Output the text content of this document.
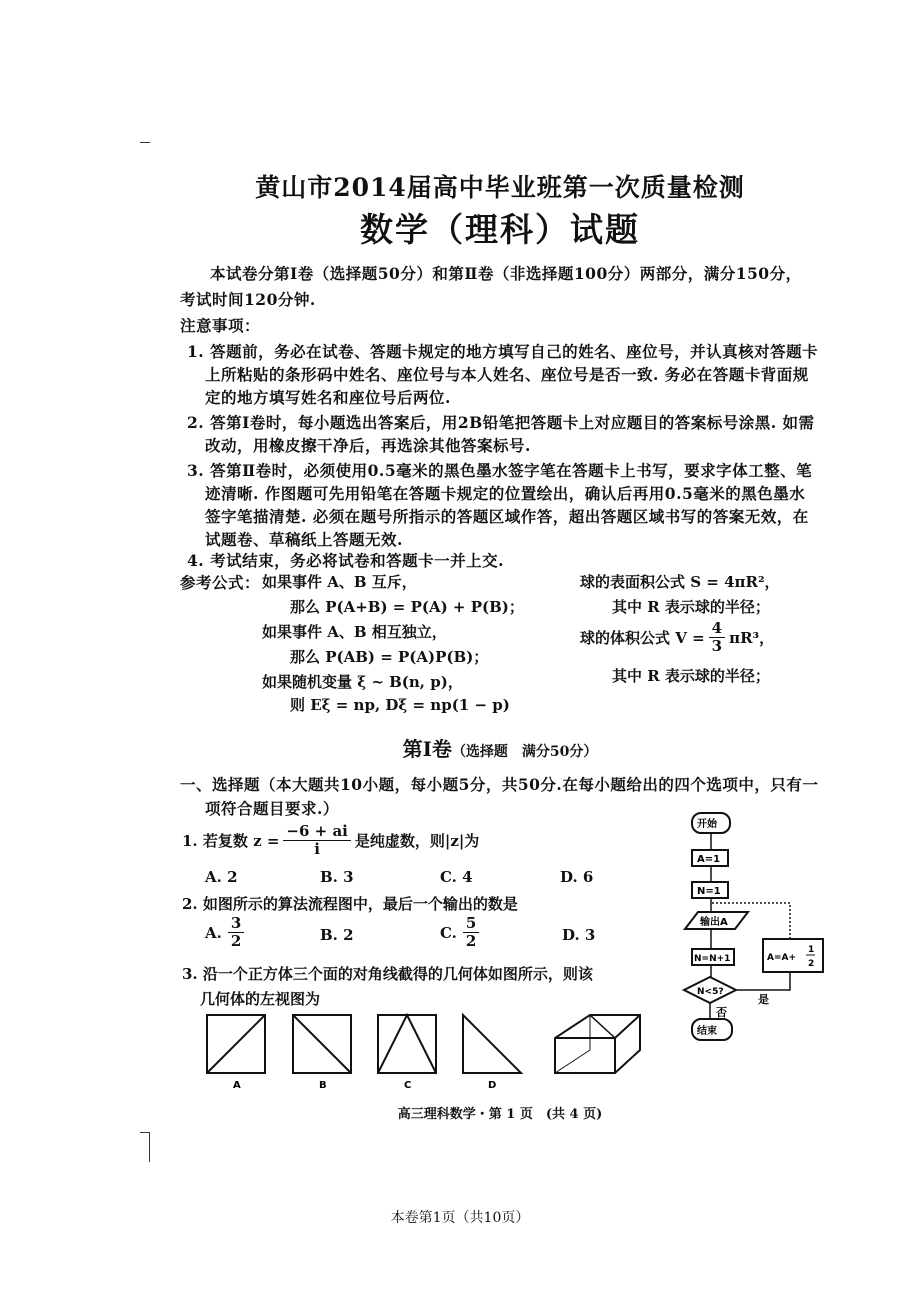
黄山市2014届高中毕业班第一次质量检测
数学（理科）试题
本试卷分第Ⅰ卷（选择题50分）和第Ⅱ卷（非选择题100分）两部分，满分150分，
考试时间120分钟.
注意事项：
1. 答题前，务必在试卷、答题卡规定的地方填写自己的姓名、座位号，并认真核对答题卡
上所粘贴的条形码中姓名、座位号与本人姓名、座位号是否一致. 务必在答题卡背面规
定的地方填写姓名和座位号后两位.
2. 答第Ⅰ卷时，每小题选出答案后，用2B铅笔把答题卡上对应题目的答案标号涂黑. 如需
改动，用橡皮擦干净后，再选涂其他答案标号.
3. 答第Ⅱ卷时，必须使用0.5毫米的黑色墨水签字笔在答题卡上书写，要求字体工整、笔
迹清晰. 作图题可先用铅笔在答题卡规定的位置绘出，确认后再用0.5毫米的黑色墨水
签字笔描清楚. 必须在题号所指示的答题区域作答，超出答题区域书写的答案无效，在
试题卷、草稿纸上答题无效.
4. 考试结束，务必将试卷和答题卡一并上交.
参考公式： 如果事件 A、B 互斥，
那么 P(A+B) = P(A) + P(B)；
如果事件 A、B 相互独立，
那么 P(AB) = P(A)P(B)；
如果随机变量 ξ ~ B(n, p)，
则 Eξ = np, Dξ = np(1 − p)
球的表面积公式 S = 4πR²，
其中 R 表示球的半径；
球的体积公式 $V = \frac{4}{3} \pi R^3$，
其中 R 表示球的半径；
第Ⅰ卷（选择题　满分50分）
一、选择题（本大题共10小题，每小题5分，共50分.在每小题给出的四个选项中，只有一
项符合题目要求.）
1. 若复数 $z = \frac{-6 + ai}{i}$ 是纯虚数，则|z|为
A. 2	B. 3	C. 4	D. 6
2. 如图所示的算法流程图中，最后一个输出的数是
A. $\frac{3}{2}$	B. 2	C. $\frac{5}{2}$	D. 3
3. 沿一个正方体三个面的对角线截得的几何体如图所示，则该
几何体的左视图为
A	B	C	D
开始
A=1
N=1
输出A
N=N+1
N<5?
A=A+
1
2
是
否
结束
高三理科数学・第 1 页　(共 4 页)
本卷第1页（共10页）
